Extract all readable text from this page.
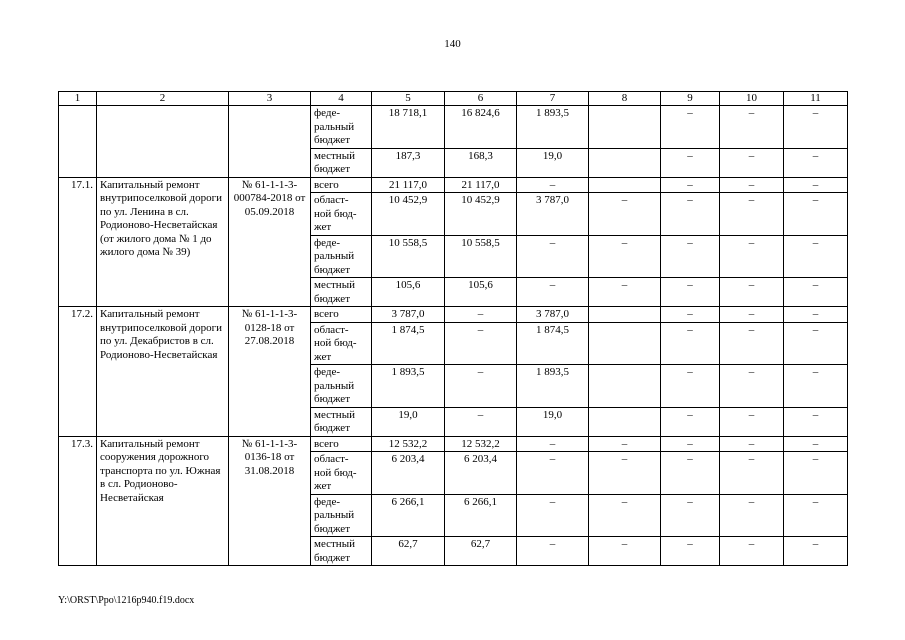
140
1	2	3	4	5	6	7	8	9	10	11
			феде-
ральный
бюджет	18 718,1	16 824,6	1 893,5		–	–	–
			местный
бюджет	187,3	168,3	19,0		–	–	–
17.1.	Капитальный ремонт внутрипоселковой дороги по ул. Ленина в сл. Родионово-Несветайская (от жилого дома № 1 до жилого дома № 39)	№ 61-1-1-3-000784-2018 от 05.09.2018	всего	21 117,0	21 117,0	–		–	–	–
			област-
ной бюд-
жет	10 452,9	10 452,9	3 787,0	–	–	–	–
			феде-
ральный
бюджет	10 558,5	10 558,5	–	–	–	–	–
			местный
бюджет	105,6	105,6	–	–	–	–	–
17.2.	Капитальный ремонт внутрипоселковой дороги по ул. Декабристов в сл. Родионово-Несветайская	№ 61-1-1-3-0128-18 от 27.08.2018	всего	3 787,0	–	3 787,0		–	–	–
			област-
ной бюд-
жет	1 874,5	–	1 874,5		–	–	–
			феде-
ральный
бюджет	1 893,5	–	1 893,5		–	–	–
			местный
бюджет	19,0	–	19,0		–	–	–
17.3.	Капитальный ремонт сооружения дорожного транспорта по ул. Южная в сл. Родионово-Несветайская	№ 61-1-1-3-0136-18 от 31.08.2018	всего	12 532,2	12 532,2	–	–	–	–	–
			област-
ной бюд-
жет	6 203,4	6 203,4	–	–	–	–	–
			феде-
ральный
бюджет	6 266,1	6 266,1	–	–	–	–	–
			местный
бюджет	62,7	62,7	–	–	–	–	–
Y:\ORST\Ppo\1216p940.f19.docx
